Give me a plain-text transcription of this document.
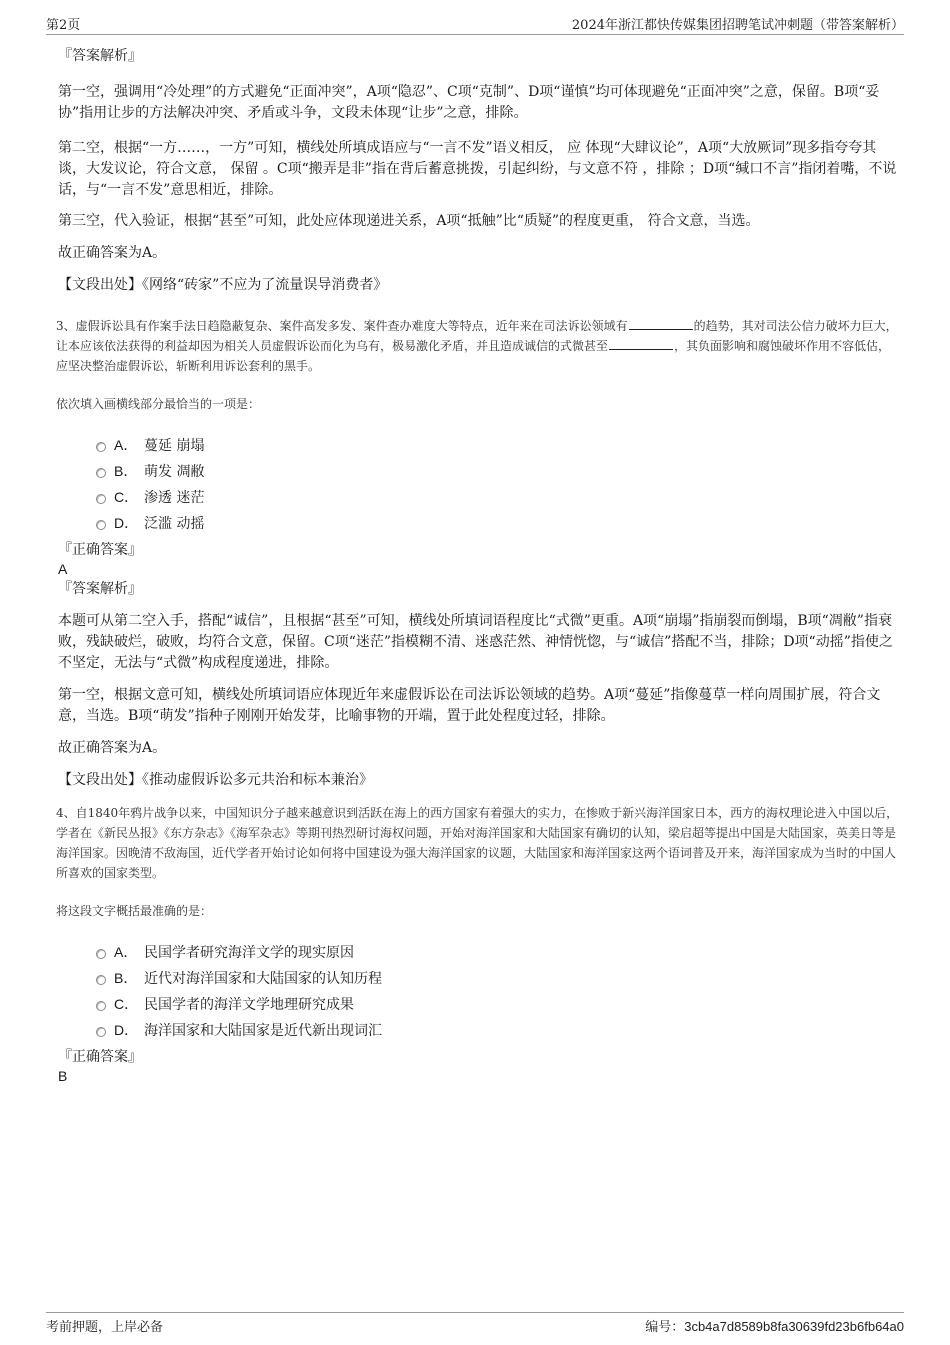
第2页	2024年浙江都快传媒集团招聘笔试冲刺题（带答案解析）
『答案解析』

第一空，强调用“冷处理”的方式避免“正面冲突”，A项“隐忍”、C项“克制”、D项“谨慎”均可体现避免“正面冲突”之意，保留。B项“妥协”指用让步的方法解决冲突、矛盾或斗争，文段未体现“让步”之意，排除。

第二空，根据“一方……，一方”可知，横线处所填成语应与“一言不发”语义相反， 应 体现“大肆议论”，A项“大放厥词”现多指夸夸其谈，大发议论，符合文意， 保留 。C项“搬弄是非”指在背后蓄意挑拨，引起纠纷，与文意不符 ，排除 ；D项“缄口不言”指闭着嘴，不说话，与“一言不发”意思相近，排除。

第三空，代入验证，根据“甚至”可知，此处应体现递进关系，A项“抵触”比“质疑”的程度更重， 符合文意，当选。

故正确答案为A。

【文段出处】《网络“砖家”不应为了流量误导消费者》

3、虚假诉讼具有作案手法日趋隐蔽复杂、案件高发多发、案件查办难度大等特点，近年来在司法诉讼领域有	的趋势，其对司法公信力破坏力巨大，让本应该依法获得的利益却因为相关人员虚假诉讼而化为乌有，极易激化矛盾，并且造成诚信的式微甚至	，其负面影响和腐蚀破坏作用不容低估，应坚决整治虚假诉讼，斩断利用诉讼套利的黑手。

依次填入画横线部分最恰当的一项是：

A． 蔓延 崩塌
B． 萌发 凋敝
C． 渗透 迷茫
D． 泛滥 动摇
『正确答案』
A
『答案解析』

本题可从第二空入手，搭配“诚信”，且根据“甚至”可知，横线处所填词语程度比“式微”更重。A项“崩塌”指崩裂而倒塌，B项“凋敝”指衰败，残缺破烂，破败，均符合文意，保留。C项“迷茫”指模糊不清、迷惑茫然、神情恍惚，与“诚信”搭配不当，排除；D项“动摇”指使之不坚定，无法与“式微”构成程度递进，排除。

第一空，根据文意可知，横线处所填词语应体现近年来虚假诉讼在司法诉讼领域的趋势。A项“蔓延”指像蔓草一样向周围扩展，符合文意，当选。B项“萌发”指种子刚刚开始发芽，比喻事物的开端，置于此处程度过轻，排除。

故正确答案为A。

【文段出处】《推动虚假诉讼多元共治和标本兼治》

4、自1840年鸦片战争以来，中国知识分子越来越意识到活跃在海上的西方国家有着强大的实力，在惨败于新兴海洋国家日本，西方的海权理论进入中国以后，学者在《新民丛报》《东方杂志》《海军杂志》等期刊热烈研讨海权问题，开始对海洋国家和大陆国家有确切的认知，梁启超等提出中国是大陆国家，英美日等是海洋国家。因晚清不敌海国，近代学者开始讨论如何将中国建设为强大海洋国家的议题，大陆国家和海洋国家这两个语词普及开来，海洋国家成为当时的中国人所喜欢的国家类型。

将这段文字概括最准确的是：

A． 民国学者研究海洋文学的现实原因
B． 近代对海洋国家和大陆国家的认知历程
C． 民国学者的海洋文学地理研究成果
D． 海洋国家和大陆国家是近代新出现词汇
『正确答案』
B
考前押题，上岸必备	编号：3cb4a7d8589b8fa30639fd23b6fb64a0
